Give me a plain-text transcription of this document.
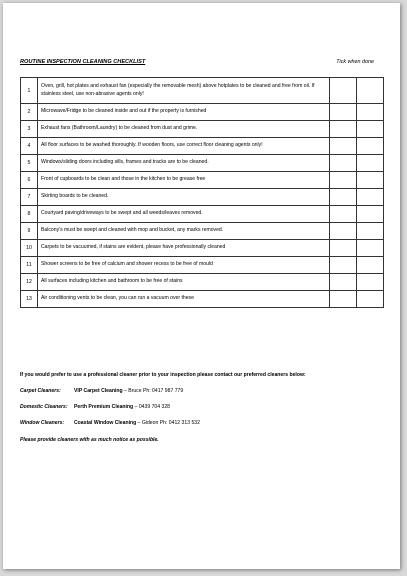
ROUTINE INSPECTION CLEANING CHECKLIST	Tick when done
1	Oven, grill, hot plates and exhaust fan (especially the removable mesh) above hotplates to be cleaned and free from oil. If stainless steel, use non-abrasive agents only!		
2	Microwave/Fridge to be cleaned inside and out if the property is furnished		
3	Exhaust fans (Bathroom/Laundry) to be cleaned from dust and grime.		
4	All floor surfaces to be washed thoroughly. If wooden floors, use correct floor cleaning agents only!		
5	Windows/sliding doors including sills, frames and tracks are to be cleaned.		
6	Front of cupboards to be clean and those in the kitchen to be grease free		
7	Skirting boards to be cleaned.		
8	Courtyard paving/driveways to be swept and all weeds/leaves removed.		
9	Balcony's must be swept and cleaned with mop and bucket, any marks removed.		
10	Carpets to be vacuumed, if stains are evident, please have professionally cleaned		
11	Shower screens to be free of calcium and shower recess to be free of mould		
12	All surfaces including kitchen and bathroom to be free of stains		
13	Air conditioning vents to be clean, you can run a vacuum over these		
If you would prefer to use a professional cleaner prior to your inspection please contact our preferred cleaners below:
Carpet Cleaners:	VIP Carpet Cleaning – Bruce Ph: 0417 987 779
Domestic Cleaners: Perth Premium Cleaning – 0439 704 328
Window Cleaners: Coastal Window Cleaning – Gideon Ph: 0412 313 532
Please provide cleaners with as much notice as possible.
